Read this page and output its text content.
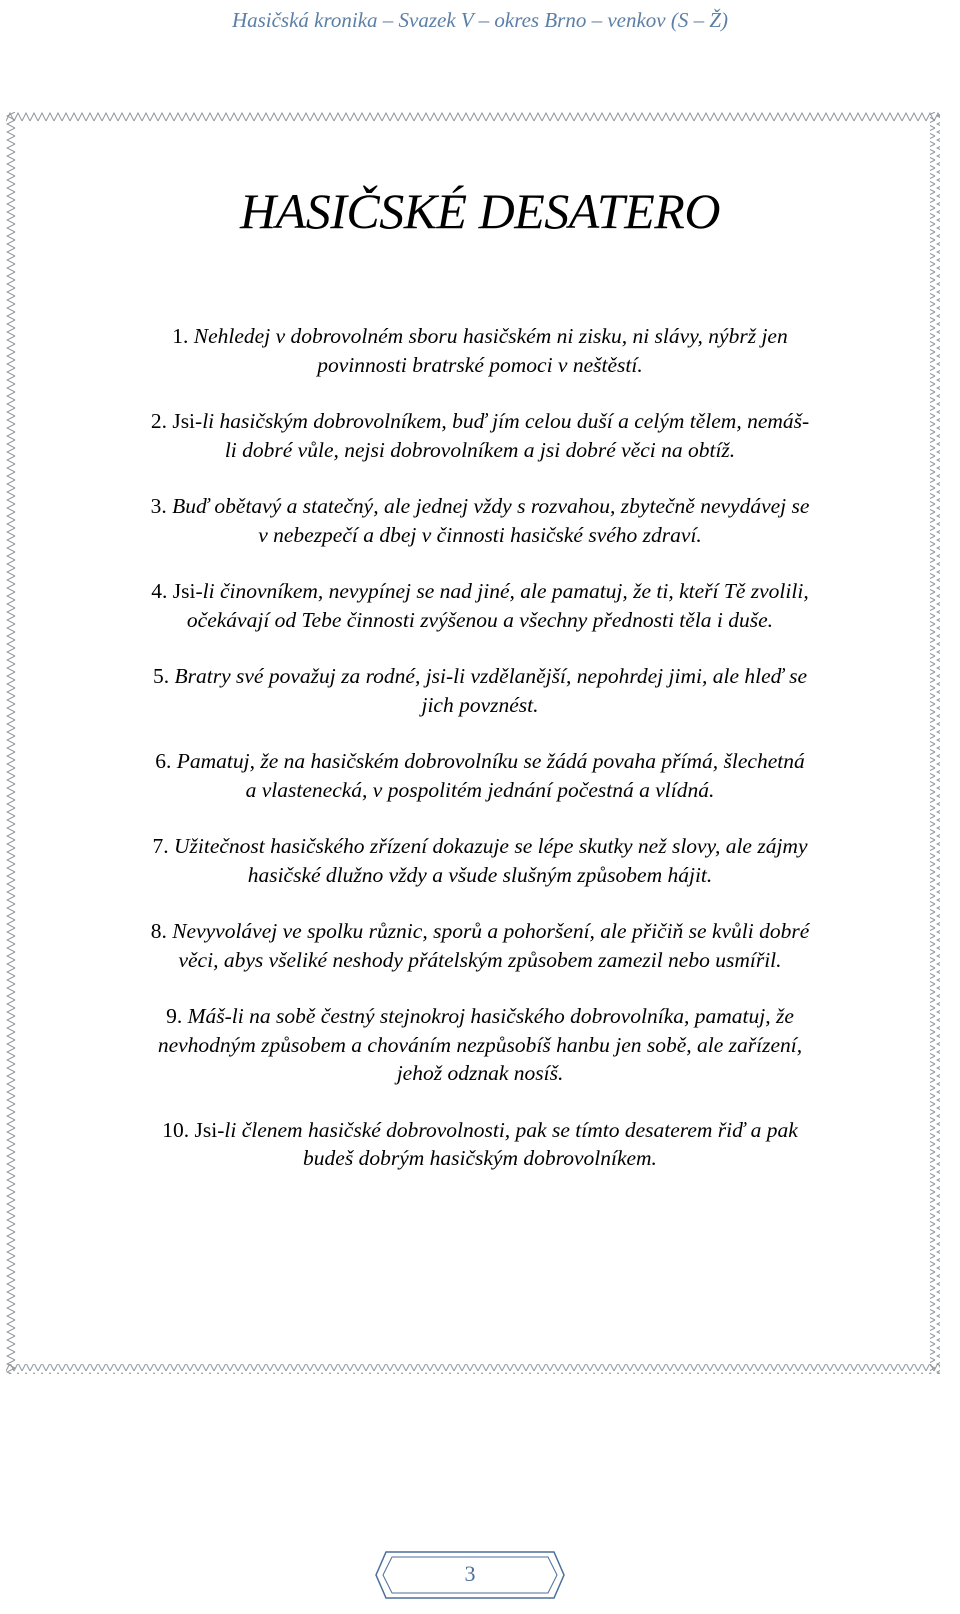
Hasičská kronika – Svazek V – okres Brno – venkov (S – Ž)
HASIČSKÉ DESATERO
1. Nehledej v dobrovolném sboru hasičském ni zisku, ni slávy, nýbrž jen povinnosti bratrské pomoci v neštěstí.
2. Jsi-li hasičským dobrovolníkem, buď jím celou duší a celým tělem, nemáš-li dobré vůle, nejsi dobrovolníkem a jsi dobré věci na obtíž.
3. Buď obětavý a statečný, ale jednej vždy s rozvahou, zbytečně nevydávej se v nebezpečí a dbej v činnosti hasičské svého zdraví.
4. Jsi-li činovníkem, nevypínej se nad jiné, ale pamatuj, že ti, kteří Tě zvolili, očekávají od Tebe činnosti zvýšenou a všechny přednosti těla i duše.
5. Bratry své považuj za rodné, jsi-li vzdělanější, nepohrdej jimi, ale hleď se jich povznést.
6. Pamatuj, že na hasičském dobrovolníku se žádá povaha přímá, šlechetná a vlastenecká, v pospolitém jednání počestná a vlídná.
7. Užitečnost hasičského zřízení dokazuje se lépe skutky než slovy, ale zájmy hasičské dlužno vždy a všude slušným způsobem hájit.
8. Nevyvolávej ve spolku různic, sporů a pohoršení, ale přičiň se kvůli dobré věci, abys všeliké neshody přátelským způsobem zamezil nebo usmířil.
9. Máš-li na sobě čestný stejnokroj hasičského dobrovolníka, pamatuj, že nevhodným způsobem a chováním nezpůsobíš hanbu jen sobě, ale zařízení, jehož odznak nosíš.
10. Jsi-li členem hasičské dobrovolnosti, pak se tímto desaterem řiď a pak budeš dobrým hasičským dobrovolníkem.
3
